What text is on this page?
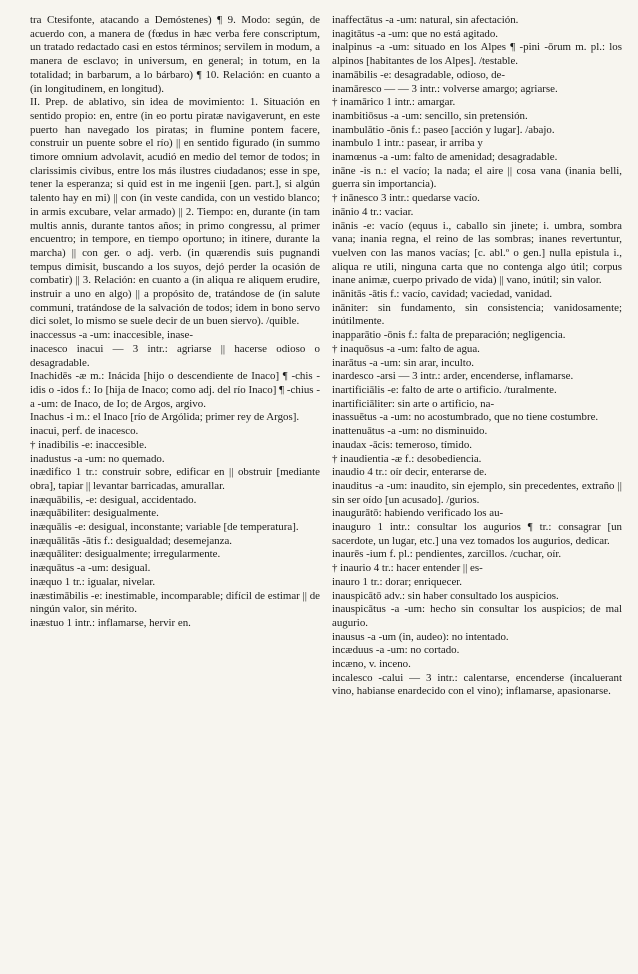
tra Ctesifonte, atacando a Demóstenes) ¶ 9. Modo: según, de acuerdo con, a manera de (fœdus in hæc verba fere conscriptum, un tratado redactado casi en estos términos; servilem in modum, a manera de esclavo; in universum, en general; in totum, en la totalidad; in barbarum, a lo bárbaro) ¶ 10. Relación: en cuanto a (in longitudinem, en longitud).

II. Prep. de ablativo, sin idea de movimiento: 1. Situación en sentido propio: en, entre (in eo portu piratæ navigaverunt, en este puerto han navegado los piratas; in flumine pontem facere, construir un puente sobre el río) || en sentido figurado (in summo timore omnium advolavit, acudió en medio del temor de todos; in clarissimis civibus, entre los más ilustres ciudadanos; esse in spe, tener la esperanza; si quid est in me ingenii [gen. part.], si algún talento hay en mi) || con (in veste candida, con un vestido blanco; in armis excubare, velar armado) || 2. Tiempo: en, durante (in tam multis annis, durante tantos años; in primo congressu, al primer encuentro; in tempore, en tiempo oportuno; in itinere, durante la marcha) || con ger. o adj. verb. (in quærendis suis pugnandi tempus dimisit, buscando a los suyos, dejó perder la ocasión de combatir) || 3. Relación: en cuanto a (in aliqua re aliquem erudire, instruir a uno en algo) || a propósito de, tratándose de (in salute communi, tratándose de la salvación de todos; idem in bono servo dici solet, lo mismo se suele decir de un buen siervo). /quible.

inaccessus -a -um: inaccesible, inase-

inacesco inacui — 3 intr.: agriarse || hacerse odioso o desagradable.

Inachidēs -æ m.: Inácida [hijo o descendiente de Inaco] ¶ -chis -idis o -idos f.: Io [hija de Inaco; como adj. del río Inaco] ¶ -chius -a -um: de Inaco, de Io; de Argos, argivo.

Inachus -i m.: el Inaco [río de Argólida; primer rey de Argos].

inacui, perf. de inacesco.

† inadibilis -e: inaccesible.

inadustus -a -um: no quemado.

inædifico 1 tr.: construir sobre, edificar en || obstruir [mediante obra], tapiar || levantar barricadas, amurallar.

inæquābilis, -e: desigual, accidentado.

inæquābiliter: desigualmente.

inæquālis -e: desigual, inconstante; variable [de temperatura].

inæquālitās -ātis f.: desigualdad; desemejanza.

inæquāliter: desigualmente; irregularmente.

inæquātus -a -um: desigual.

inæquo 1 tr.: igualar, nivelar.

inæstimābilis -e: inestimable, incomparable; difícil de estimar || de ningún valor, sin mérito.

inæstuo 1 intr.: inflamarse, hervir en.

inaffectātus -a -um: natural, sin afectación.

inagitātus -a -um: que no está agitado.

inalpinus -a -um: situado en los Alpes ¶ -pini -ōrum m. pl.: los alpinos [habitantes de los Alpes]. /testable.

inamābilis -e: desagradable, odioso, de-

inamāresco — — 3 intr.: volverse amargo; agriarse.

† inamārico 1 intr.: amargar.

inambitiōsus -a -um: sencillo, sin pretensión.

inambulātio -ōnis f.: paseo [acción y lugar]. /abajo.

inambulo 1 intr.: pasear, ir arriba y

inamœnus -a -um: falto de amenidad; desagradable.

ināne -is n.: el vacío; la nada; el aire || cosa vana (inania belli, guerra sin importancia).

† inānesco 3 intr.: quedarse vacío.

inānio 4 tr.: vaciar.

inānis -e: vacío (equus i., caballo sin jinete; i. umbra, sombra vana; inania regna, el reino de las sombras; inanes revertuntur, vuelven con las manos vacías; [c. abl.º o gen.] nulla epistula i., aliqua re utili, ninguna carta que no contenga algo útil; corpus inane animæ, cuerpo privado de vida) || vano, inútil; sin valor.

inānitās -ātis f.: vacío, cavidad; vaciedad, vanidad.

ināniter: sin fundamento, sin consistencia; vanidosamente; inútilmente.

inapparātio -ōnis f.: falta de preparación; negligencia.

† inaquōsus -a -um: falto de agua.

inarātus -a -um: sin arar, inculto.

inardesco -arsi — 3 intr.: arder, encenderse, inflamarse.

inartificiālis -e: falto de arte o artificio. /turalmente.

inartificiāliter: sin arte o artificio, na-

inassuētus -a -um: no acostumbrado, que no tiene costumbre.

inattenuātus -a -um: no disminuido.

inaudax -ācis: temeroso, tímido.

† inaudientia -æ f.: desobediencia.

inaudio 4 tr.: oír decir, enterarse de.

inauditus -a -um: inaudito, sin ejemplo, sin precedentes, extraño || sin ser oído [un acusado]. /gurios.

inaugurātō: habiendo verificado los au-

inauguro 1 intr.: consultar los augurios ¶ tr.: consagrar [un sacerdote, un lugar, etc.] una vez tomados los augurios, dedicar.

inaurēs -ium f. pl.: pendientes, zarcillos. /cuchar, oír.

† inaurio 4 tr.: hacer entender || es-

inauro 1 tr.: dorar; enriquecer.

inauspicātō adv.: sin haber consultado los auspicios.

inauspicātus -a -um: hecho sin consultar los auspicios; de mal augurio.

inausus -a -um (in, audeo): no intentado.

incæduus -a -um: no cortado.

incæno, v. inceno.

incalesco -calui — 3 intr.: calentarse, encenderse (incaluerant vino, habianse enardecido con el vino); inflamarse, apasionarse.
